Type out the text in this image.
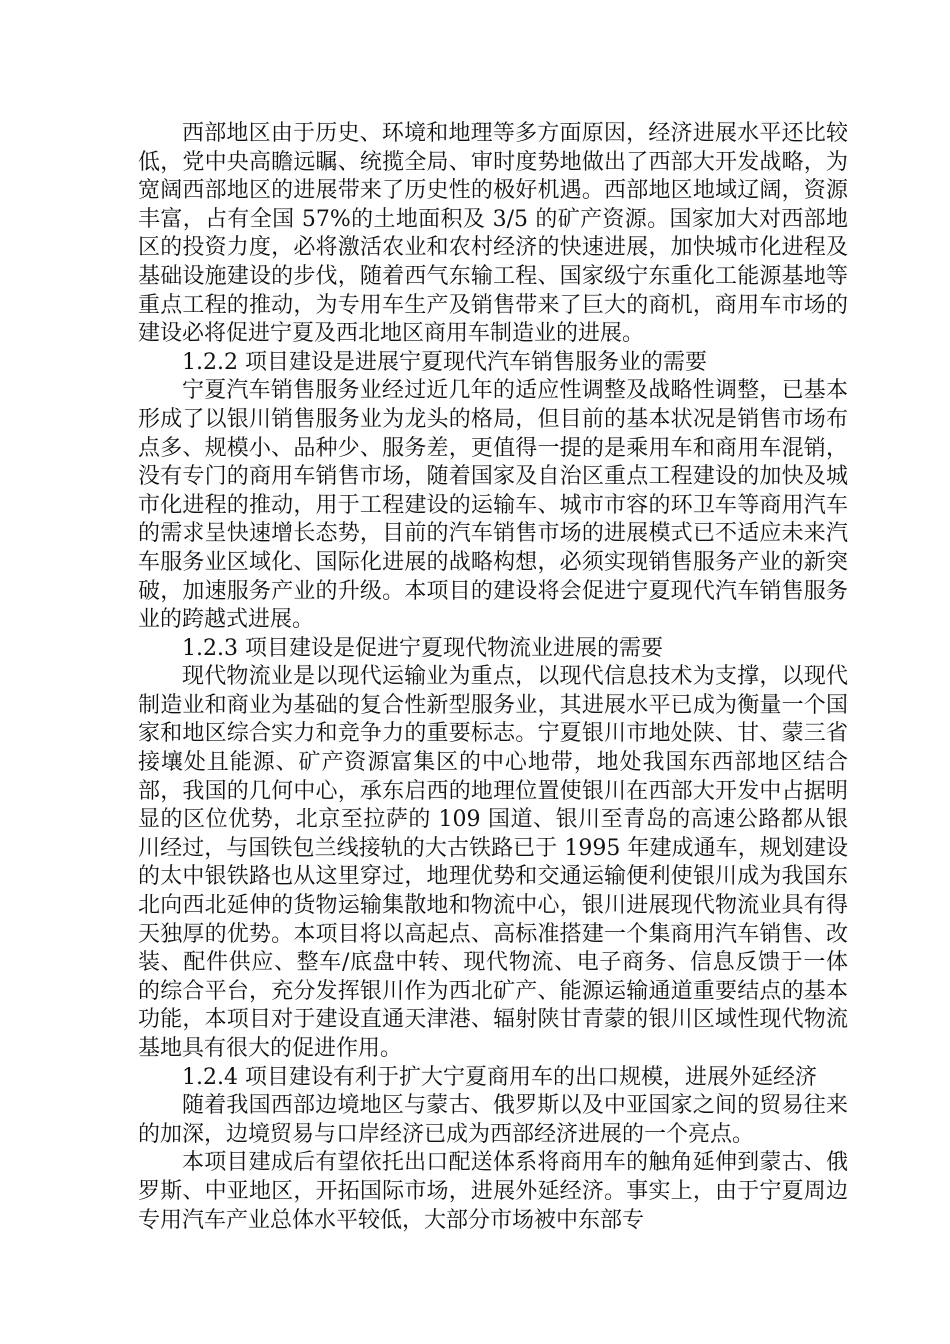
西部地区由于历史、环境和地理等多方面原因，经济进展水平还比较低，党中央高瞻远瞩、统揽全局、审时度势地做出了西部大开发战略，为宽阔西部地区的进展带来了历史性的极好机遇。西部地区地域辽阔，资源丰富，占有全国 57%的土地面积及 3/5 的矿产资源。国家加大对西部地区的投资力度，必将激活农业和农村经济的快速进展，加快城市化进程及基础设施建设的步伐，随着西气东输工程、国家级宁东重化工能源基地等重点工程的推动，为专用车生产及销售带来了巨大的商机，商用车市场的建设必将促进宁夏及西北地区商用车制造业的进展。

1.2.2 项目建设是进展宁夏现代汽车销售服务业的需要

宁夏汽车销售服务业经过近几年的适应性调整及战略性调整，已基本形成了以银川销售服务业为龙头的格局，但目前的基本状况是销售市场布点多、规模小、品种少、服务差，更值得一提的是乘用车和商用车混销，没有专门的商用车销售市场，随着国家及自治区重点工程建设的加快及城市化进程的推动，用于工程建设的运输车、城市市容的环卫车等商用汽车的需求呈快速增长态势，目前的汽车销售市场的进展模式已不适应未来汽车服务业区域化、国际化进展的战略构想，必须实现销售服务产业的新突破，加速服务产业的升级。本项目的建设将会促进宁夏现代汽车销售服务业的跨越式进展。

1.2.3 项目建设是促进宁夏现代物流业进展的需要

现代物流业是以现代运输业为重点，以现代信息技术为支撑，以现代制造业和商业为基础的复合性新型服务业，其进展水平已成为衡量一个国家和地区综合实力和竞争力的重要标志。宁夏银川市地处陕、甘、蒙三省接壤处且能源、矿产资源富集区的中心地带，地处我国东西部地区结合部，我国的几何中心，承东启西的地理位置使银川在西部大开发中占据明显的区位优势，北京至拉萨的 109 国道、银川至青岛的高速公路都从银川经过，与国铁包兰线接轨的大古铁路已于 1995 年建成通车，规划建设的太中银铁路也从这里穿过，地理优势和交通运输便利使银川成为我国东北向西北延伸的货物运输集散地和物流中心，银川进展现代物流业具有得天独厚的优势。本项目将以高起点、高标准搭建一个集商用汽车销售、改装、配件供应、整车/底盘中转、现代物流、电子商务、信息反馈于一体的综合平台，充分发挥银川作为西北矿产、能源运输通道重要结点的基本功能，本项目对于建设直通天津港、辐射陕甘青蒙的银川区域性现代物流基地具有很大的促进作用。

1.2.4 项目建设有利于扩大宁夏商用车的出口规模，进展外延经济

随着我国西部边境地区与蒙古、俄罗斯以及中亚国家之间的贸易往来的加深，边境贸易与口岸经济已成为西部经济进展的一个亮点。

本项目建成后有望依托出口配送体系将商用车的触角延伸到蒙古、俄罗斯、中亚地区，开拓国际市场，进展外延经济。事实上，由于宁夏周边专用汽车产业总体水平较低，大部分市场被中东部专
